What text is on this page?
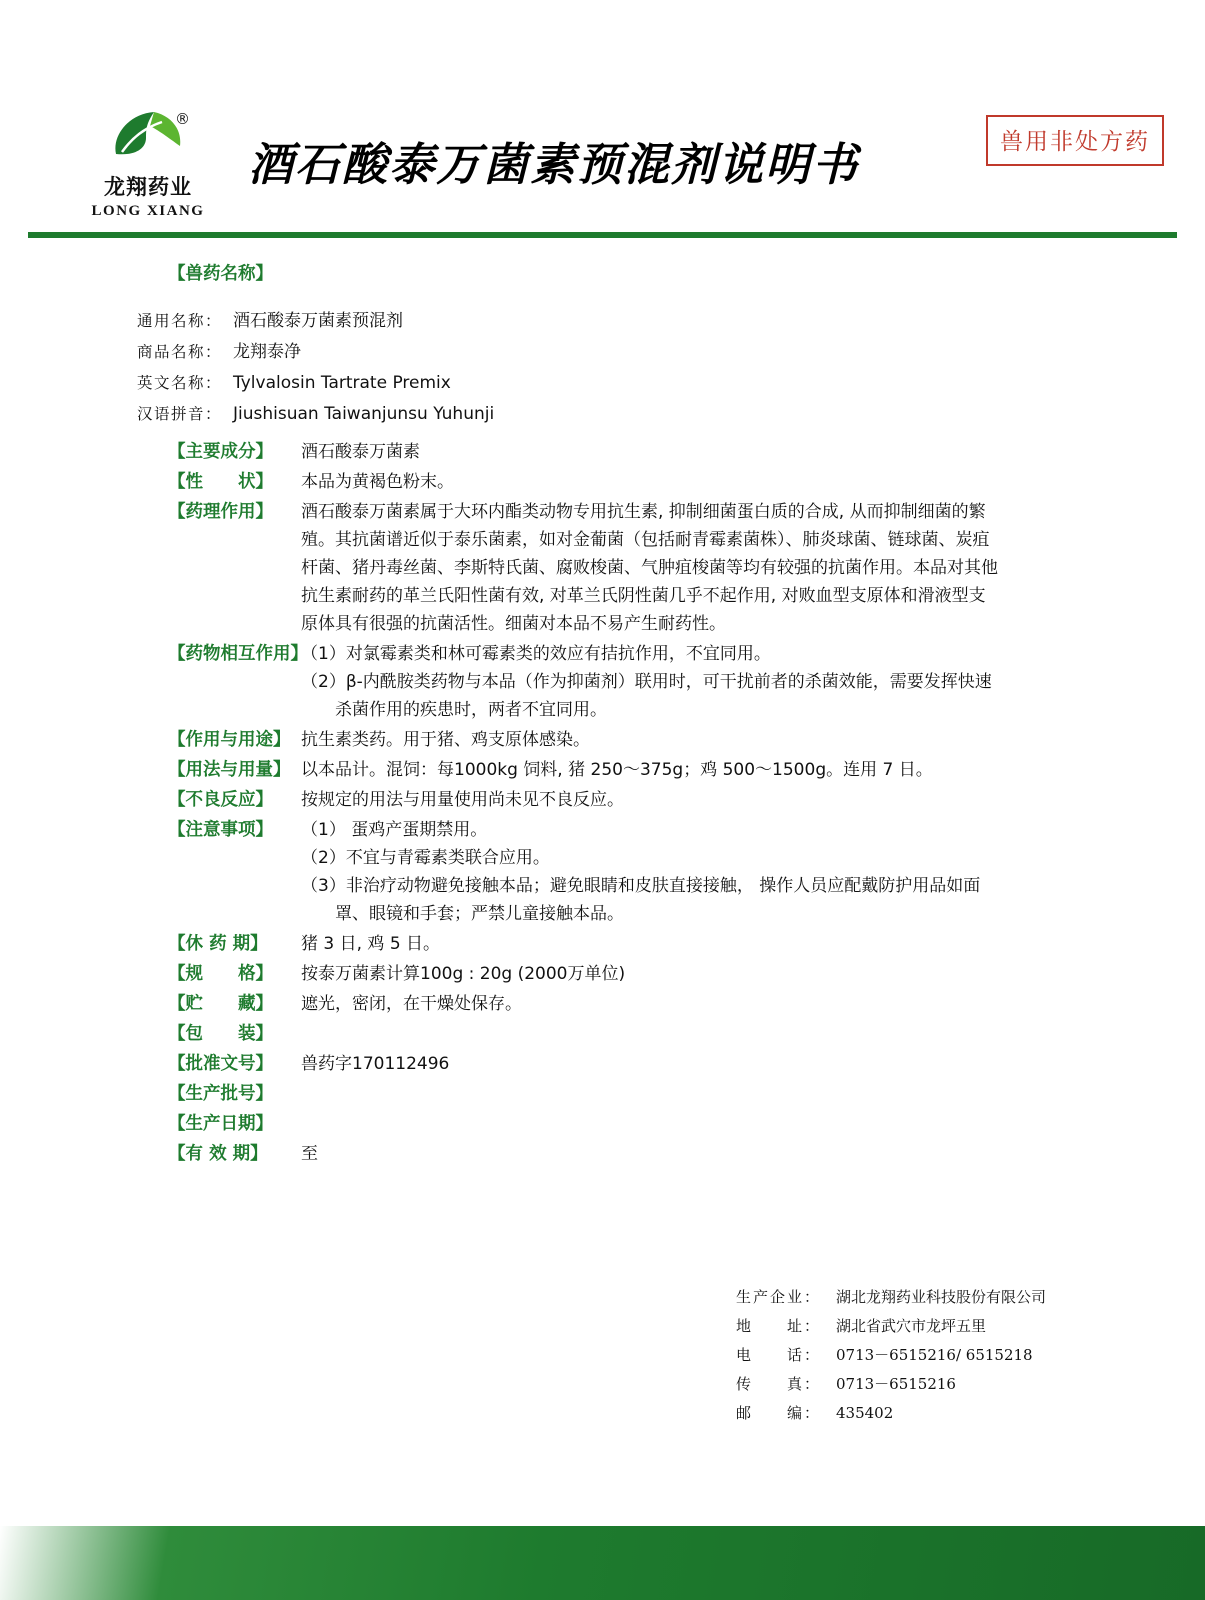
®
龙翔药业
LONG XIANG
酒石酸泰万菌素预混剂说明书	兽用非处方药
【兽药名称】
通用名称： 酒石酸泰万菌素预混剂
商品名称： 龙翔泰净
英文名称： Tylvalosin Tartrate Premix
汉语拼音： Jiushisuan Taiwanjunsu Yuhunji
【主要成分】	酒石酸泰万菌素
【性　　状】	本品为黄褐色粉末。
【药理作用】	酒石酸泰万菌素属于大环内酯类动物专用抗生素, 抑制细菌蛋白质的合成, 从而抑制细菌的繁殖。其抗菌谱近似于泰乐菌素，如对金葡菌（包括耐青霉素菌株）、肺炎球菌、链球菌、炭疽杆菌、猪丹毒丝菌、李斯特氏菌、腐败梭菌、气肿疽梭菌等均有较强的抗菌作用。本品对其他抗生素耐药的革兰氏阳性菌有效, 对革兰氏阴性菌几乎不起作用, 对败血型支原体和滑液型支原体具有很强的抗菌活性。细菌对本品不易产生耐药性。
【药物相互作用】

（1）对氯霉素类和林可霉素类的效应有拮抗作用，不宜同用。

（2）β-内酰胺类药物与本品（作为抑菌剂）联用时，可干扰前者的杀菌效能，需要发挥快速杀菌作用的疾患时，两者不宜同用。

【作用与用途】 抗生素类药。用于猪、鸡支原体感染。
【用法与用量】 以本品计。混饲：每1000kg 饲料, 猪 250～375g；鸡 500～1500g。连用 7 日。
【不良反应】	按规定的用法与用量使用尚未见不良反应。
【注意事项】	（1） 蛋鸡产蛋期禁用。

（2）不宜与青霉素类联合应用。

（3）非治疗动物避免接触本品；避免眼睛和皮肤直接接触， 操作人员应配戴防护用品如面罩、眼镜和手套；严禁儿童接触本品。

【休 药 期】	猪 3 日, 鸡 5 日。
【规　　格】	按泰万菌素计算100g : 20g (2000万单位)
【贮　　藏】	遮光，密闭，在干燥处保存。
【包　　装】
【批准文号】	兽药字170112496
【生产批号】
【生产日期】
【有 效 期】	至
生产企业： 湖北龙翔药业科技股份有限公司
地　　址： 湖北省武穴市龙坪五里
电　　话： 0713－6515216/ 6515218
传　　真： 0713－6515216
邮　　编： 435402
